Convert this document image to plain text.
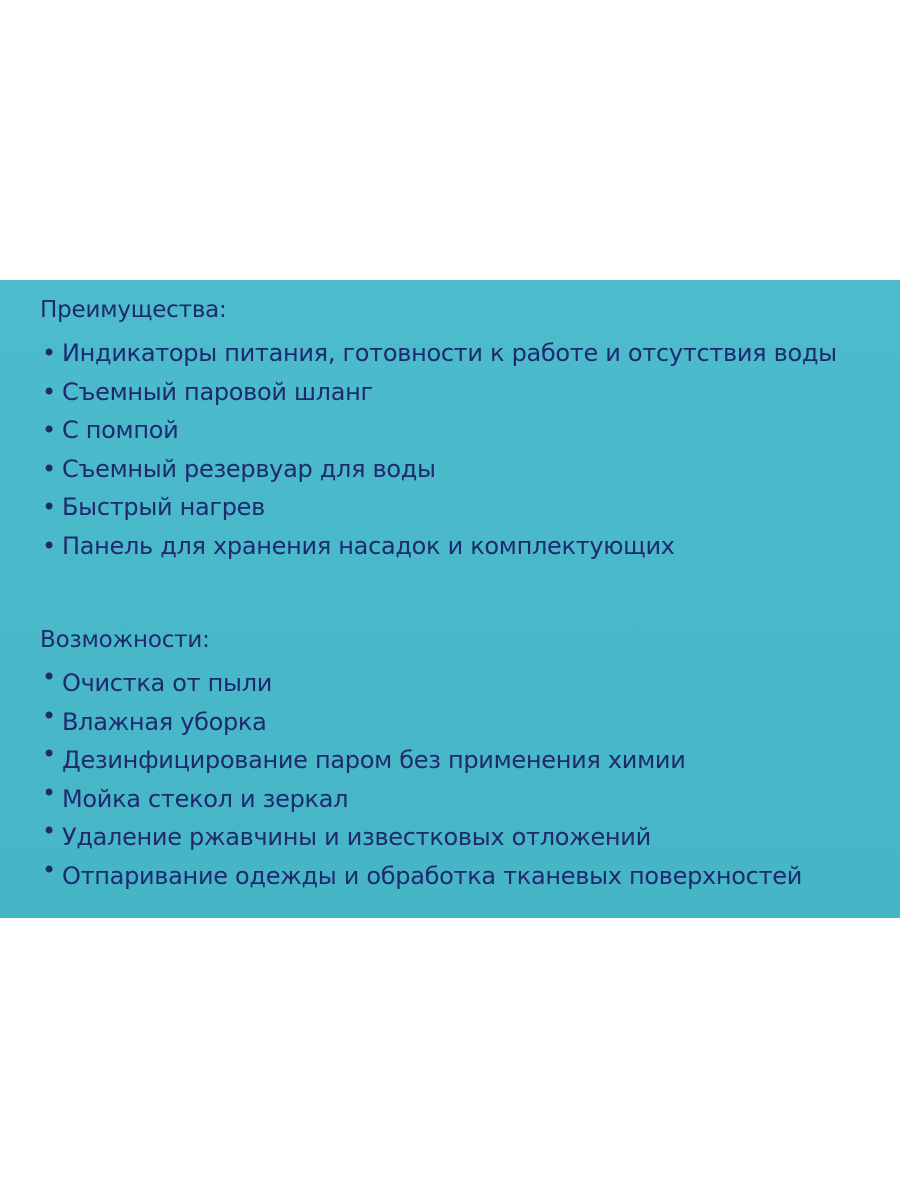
Преимущества:
• Индикаторы питания, готовности к работе и отсутствия воды
• Съемный паровой шланг
• С помпой
• Съемный резервуар для воды
• Быстрый нагрев
• Панель для хранения насадок и комплектующих
Возможности:
• Очистка от пыли
• Влажная уборка
• Дезинфицирование паром без применения химии
• Мойка стекол и зеркал
• Удаление ржавчины и известковых отложений
• Отпаривание одежды и обработка тканевых поверхностей
